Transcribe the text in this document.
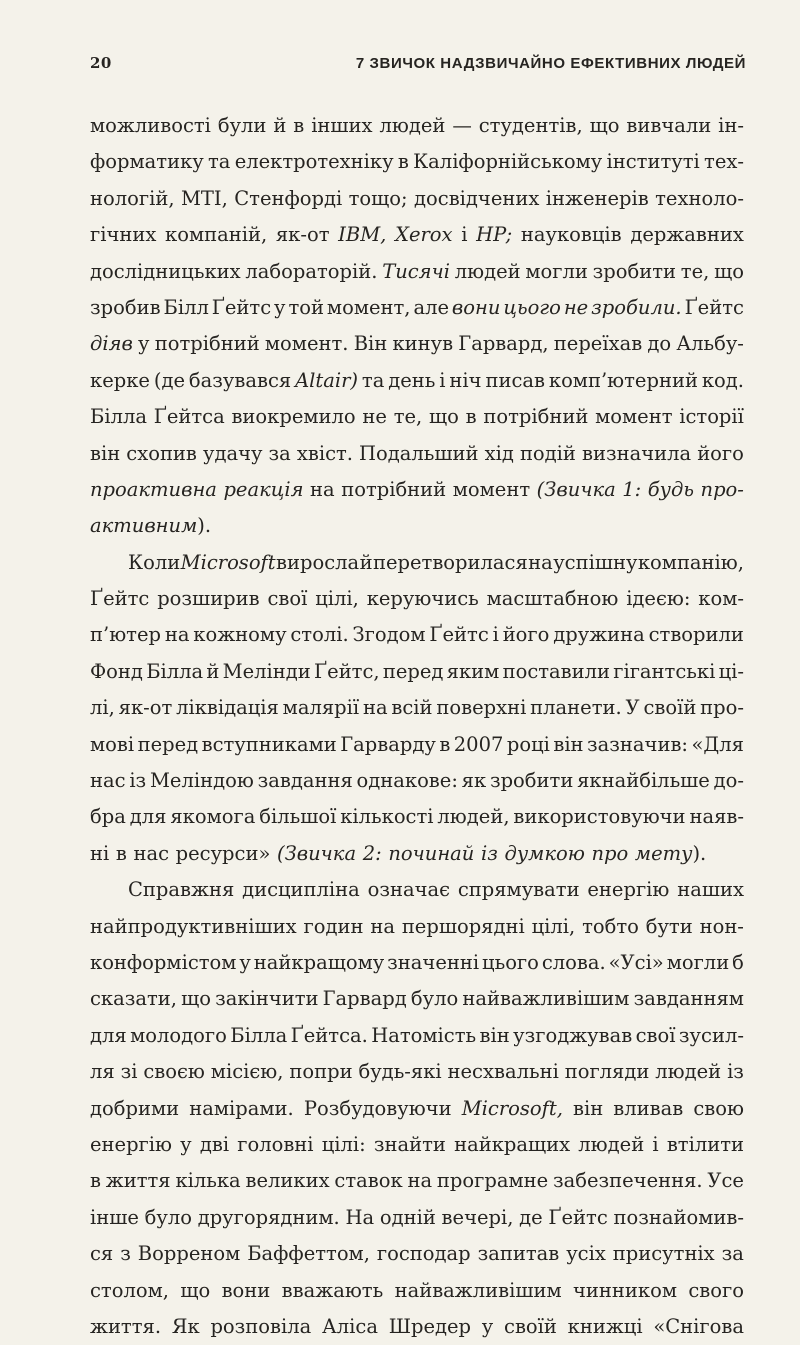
20	7 ЗВИЧОК НАДЗВИЧАЙНО ЕФЕКТИВНИХ ЛЮДЕЙ
можливості були й в інших людей — студентів, що вивчали ін-
форматику та електротехніку в Каліфорнійському інституті тех-
нологій, MTI, Стенфорді тощо; досвідчених інженерів техноло-
гічних компаній, як-от IBM, Xerox і HP; науковців державних
дослідницьких лабораторій. Тисячі людей могли зробити те, що
зробив Білл Ґейтс у той момент, але вони цього не зробили. Ґейтс
діяв у потрібний момент. Він кинув Гарвард, переїхав до Альбу-
керке (де базувався Altair) та день і ніч писав комп’ютерний код.
Білла Ґейтса виокремило не те, що в потрібний момент історії
він схопив удачу за хвіст. Подальший хід подій визначила його
проактивна реакція на потрібний момент (Звичка 1: будь про-
активним ).
Коли Microsoft виросла й перетворилася на успішну компанію,
Ґейтс розширив свої цілі, керуючись масштабною ідеєю: ком-
п’ютер на кожному столі. Згодом Ґейтс і його дружина створили
Фонд Білла й Мелінди Ґейтс, перед яким поставили гігантські ці-
лі, як-от ліквідація малярії на всій поверхні планети. У своїй про-
мові перед вступниками Гарварду в 2007 році він зазначив: «Для
нас із Меліндою завдання однакове: як зробити якнайбільше до-
бра для якомога більшої кількості людей, використовуючи наяв-
ні в нас ресурси» (Звичка 2: починай із думкою про мету ).
Справжня дисципліна означає спрямувати енергію наших
найпродуктивніших годин на першорядні цілі, тобто бути нон-
конформістом у найкращому значенні цього слова. «Усі» могли б
сказати, що закінчити Гарвард було найважливішим завданням
для молодого Білла Ґейтса. Натомість він узгоджував свої зусил-
ля зі своєю місією, попри будь-які несхвальні погляди людей із
добрими намірами. Розбудовуючи Microsoft, він вливав свою
енергію у дві головні цілі: знайти найкращих людей і втілити
в життя кілька великих ставок на програмне забезпечення. Усе
інше було другорядним. На одній вечері, де Ґейтс познайомив-
ся з Ворреном Баффеттом, господар запитав усіх присутніх за
столом, що вони вважають найважливішим чинником свого
життя. Як розповіла Аліса Шредер у своїй книжці «Снігова
